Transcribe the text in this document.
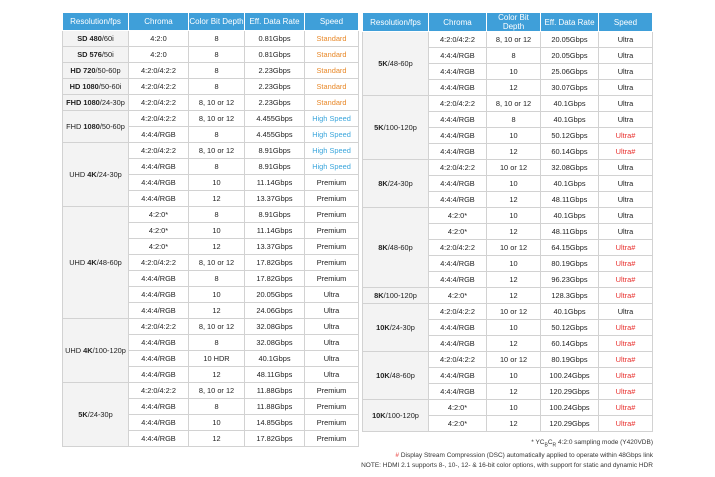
Resolution/fps	Chroma	Color Bit Depth	Eff. Data Rate	Speed
SD 480/60i	4:2:0	8	0.81Gbps	Standard
SD 576/50i	4:2:0	8	0.81Gbps	Standard
HD 720/50-60p	4:2:0/4:2:2	8	2.23Gbps	Standard
HD 1080/50-60i	4:2:0/4:2:2	8	2.23Gbps	Standard
FHD 1080/24-30p	4:2:0/4:2:2	8, 10 or 12	2.23Gbps	Standard
FHD 1080/50-60p	4:2:0/4:2:2	8, 10 or 12	4.455Gbps	High Speed
	4:4:4/RGB	8	4.455Gbps	High Speed
UHD 4K/24-30p	4:2:0/4:2:2	8, 10 or 12	8.91Gbps	High Speed
	4:4:4/RGB	8	8.91Gbps	High Speed
	4:4:4/RGB	10	11.14Gbps	Premium
	4:4:4/RGB	12	13.37Gbps	Premium
UHD 4K/48-60p	4:2:0*	8	8.91Gbps	Premium
	4:2:0*	10	11.14Gbps	Premium
	4:2:0*	12	13.37Gbps	Premium
	4:2:0/4:2:2	8, 10 or 12	17.82Gbps	Premium
	4:4:4/RGB	8	17.82Gbps	Premium
	4:4:4/RGB	10	20.05Gbps	Ultra
	4:4:4/RGB	12	24.06Gbps	Ultra
UHD 4K/100-120p	4:2:0/4:2:2	8, 10 or 12	32.08Gbps	Ultra
	4:4:4/RGB	8	32.08Gbps	Ultra
	4:4:4/RGB	10 HDR	40.1Gbps	Ultra
	4:4:4/RGB	12	48.11Gbps	Ultra
5K/24-30p	4:2:0/4:2:2	8, 10 or 12	11.88Gbps	Premium
	4:4:4/RGB	8	11.88Gbps	Premium
	4:4:4/RGB	10	14.85Gbps	Premium
	4:4:4/RGB	12	17.82Gbps	Premium
Resolution/fps	Chroma	Color Bit Depth	Eff. Data Rate	Speed
5K/48-60p	4:2:0/4:2:2	8, 10 or 12	20.05Gbps	Ultra
	4:4:4/RGB	8	20.05Gbps	Ultra
	4:4:4/RGB	10	25.06Gbps	Ultra
	4:4:4/RGB	12	30.07Gbps	Ultra
5K/100-120p	4:2:0/4:2:2	8, 10 or 12	40.1Gbps	Ultra
	4:4:4/RGB	8	40.1Gbps	Ultra
	4:4:4/RGB	10	50.12Gbps	Ultra#
	4:4:4/RGB	12	60.14Gbps	Ultra#
8K/24-30p	4:2:0/4:2:2	10 or 12	32.08Gbps	Ultra
	4:4:4/RGB	10	40.1Gbps	Ultra
	4:4:4/RGB	12	48.11Gbps	Ultra
8K/48-60p	4:2:0*	10	40.1Gbps	Ultra
	4:2:0*	12	48.11Gbps	Ultra
	4:2:0/4:2:2	10 or 12	64.15Gbps	Ultra#
	4:4:4/RGB	10	80.19Gbps	Ultra#
	4:4:4/RGB	12	96.23Gbps	Ultra#
8K/100-120p	4:2:0*	12	128.3Gbps	Ultra#
10K/24-30p	4:2:0/4:2:2	10 or 12	40.1Gbps	Ultra
	4:4:4/RGB	10	50.12Gbps	Ultra#
	4:4:4/RGB	12	60.14Gbps	Ultra#
10K/48-60p	4:2:0/4:2:2	10 or 12	80.19Gbps	Ultra#
	4:4:4/RGB	10	100.24Gbps	Ultra#
	4:4:4/RGB	12	120.29Gbps	Ultra#
10K/100-120p	4:2:0*	10	100.24Gbps	Ultra#
	4:2:0*	12	120.29Gbps	Ultra#
* $YC_BC_R$ 4:2:0 sampling mode (Y420VDB)
# Display Stream Compression (DSC) automatically applied to operate within 48Gbps link
NOTE: HDMI 2.1 supports 8-, 10-, 12- & 16-bit color options, with support for static and dynamic HDR
